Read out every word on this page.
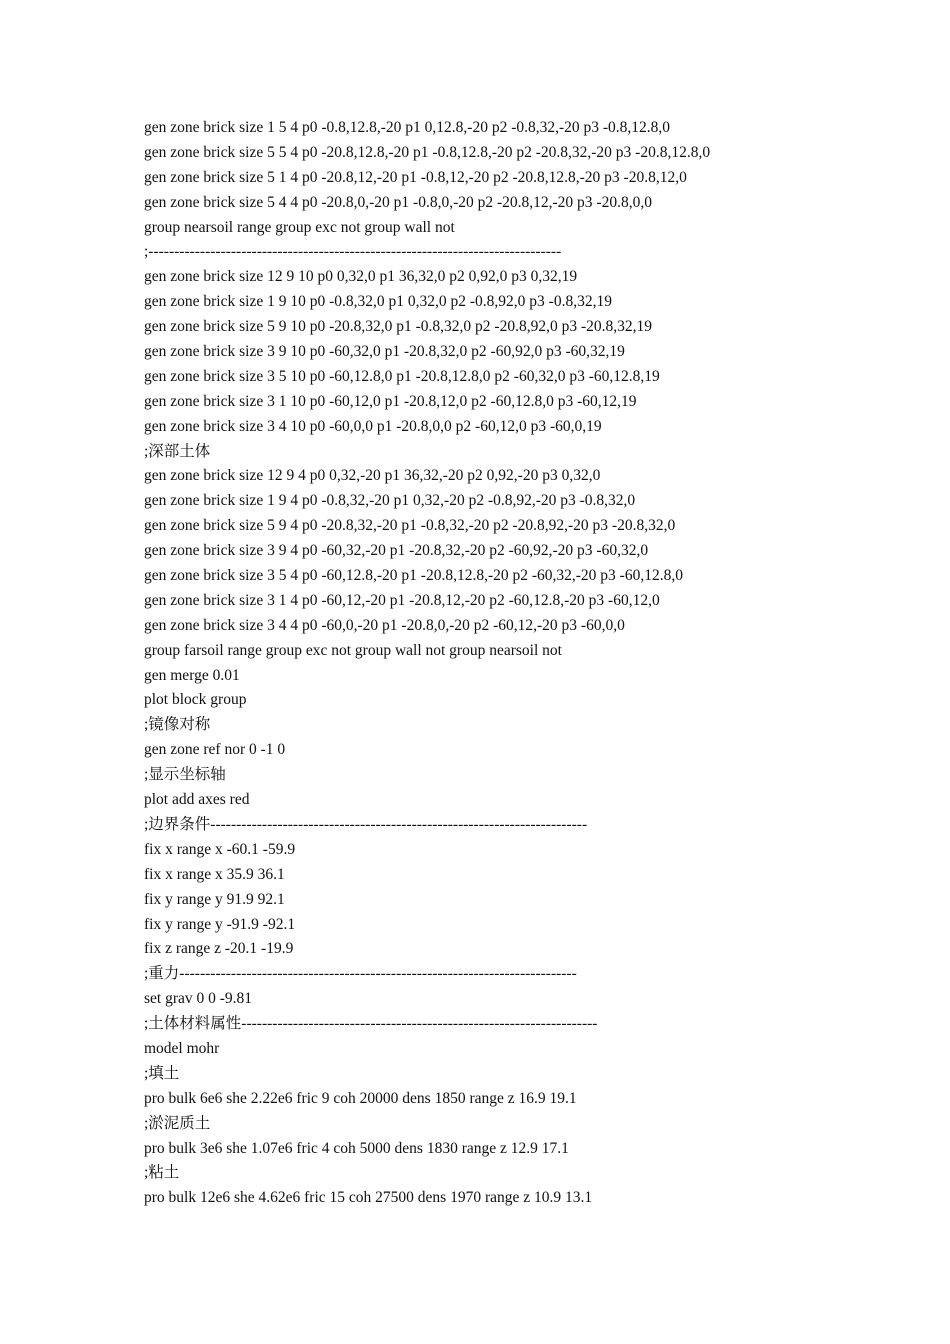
gen zone brick size 1 5 4 p0 -0.8,12.8,-20 p1 0,12.8,-20 p2 -0.8,32,-20 p3 -0.8,12.8,0
gen zone brick size 5 5 4 p0 -20.8,12.8,-20 p1 -0.8,12.8,-20 p2 -20.8,32,-20 p3 -20.8,12.8,0
gen zone brick size 5 1 4 p0 -20.8,12,-20 p1 -0.8,12,-20 p2 -20.8,12.8,-20 p3 -20.8,12,0
gen zone brick size 5 4 4 p0 -20.8,0,-20 p1 -0.8,0,-20 p2 -20.8,12,-20 p3 -20.8,0,0
group nearsoil range group exc not group wall not
;--------------------------------------------------------------------------------
gen zone brick size 12 9 10 p0 0,32,0 p1 36,32,0 p2 0,92,0 p3 0,32,19
gen zone brick size 1 9 10 p0 -0.8,32,0 p1 0,32,0 p2 -0.8,92,0 p3 -0.8,32,19
gen zone brick size 5 9 10 p0 -20.8,32,0 p1 -0.8,32,0 p2 -20.8,92,0 p3 -20.8,32,19
gen zone brick size 3 9 10 p0 -60,32,0 p1 -20.8,32,0 p2 -60,92,0 p3 -60,32,19
gen zone brick size 3 5 10 p0 -60,12.8,0 p1 -20.8,12.8,0 p2 -60,32,0 p3 -60,12.8,19
gen zone brick size 3 1 10 p0 -60,12,0 p1 -20.8,12,0 p2 -60,12.8,0 p3 -60,12,19
gen zone brick size 3 4 10 p0 -60,0,0 p1 -20.8,0,0 p2 -60,12,0 p3 -60,0,19
;深部土体
gen zone brick size 12 9 4 p0 0,32,-20 p1 36,32,-20 p2 0,92,-20 p3 0,32,0
gen zone brick size 1 9 4 p0 -0.8,32,-20 p1 0,32,-20 p2 -0.8,92,-20 p3 -0.8,32,0
gen zone brick size 5 9 4 p0 -20.8,32,-20 p1 -0.8,32,-20 p2 -20.8,92,-20 p3 -20.8,32,0
gen zone brick size 3 9 4 p0 -60,32,-20 p1 -20.8,32,-20 p2 -60,92,-20 p3 -60,32,0
gen zone brick size 3 5 4 p0 -60,12.8,-20 p1 -20.8,12.8,-20 p2 -60,32,-20 p3 -60,12.8,0
gen zone brick size 3 1 4 p0 -60,12,-20 p1 -20.8,12,-20 p2 -60,12.8,-20 p3 -60,12,0
gen zone brick size 3 4 4 p0 -60,0,-20 p1 -20.8,0,-20 p2 -60,12,-20 p3 -60,0,0
group farsoil range group exc not group wall not group nearsoil not
gen merge 0.01
plot block group
;镜像对称
gen zone ref nor 0 -1 0
;显示坐标轴
plot add axes red
;边界条件-------------------------------------------------------------------------
fix x range x -60.1 -59.9
fix x range x 35.9 36.1
fix y range y 91.9 92.1
fix y range y -91.9 -92.1
fix z range z -20.1 -19.9
;重力-----------------------------------------------------------------------------
set grav 0 0 -9.81
;土体材料属性---------------------------------------------------------------------
model mohr
;填土
pro bulk 6e6 she 2.22e6 fric 9 coh 20000 dens 1850 range z 16.9 19.1
;淤泥质土
pro bulk 3e6 she 1.07e6 fric 4 coh 5000 dens 1830 range z 12.9 17.1
;粘土
pro bulk 12e6 she 4.62e6 fric 15 coh 27500 dens 1970 range z 10.9 13.1
